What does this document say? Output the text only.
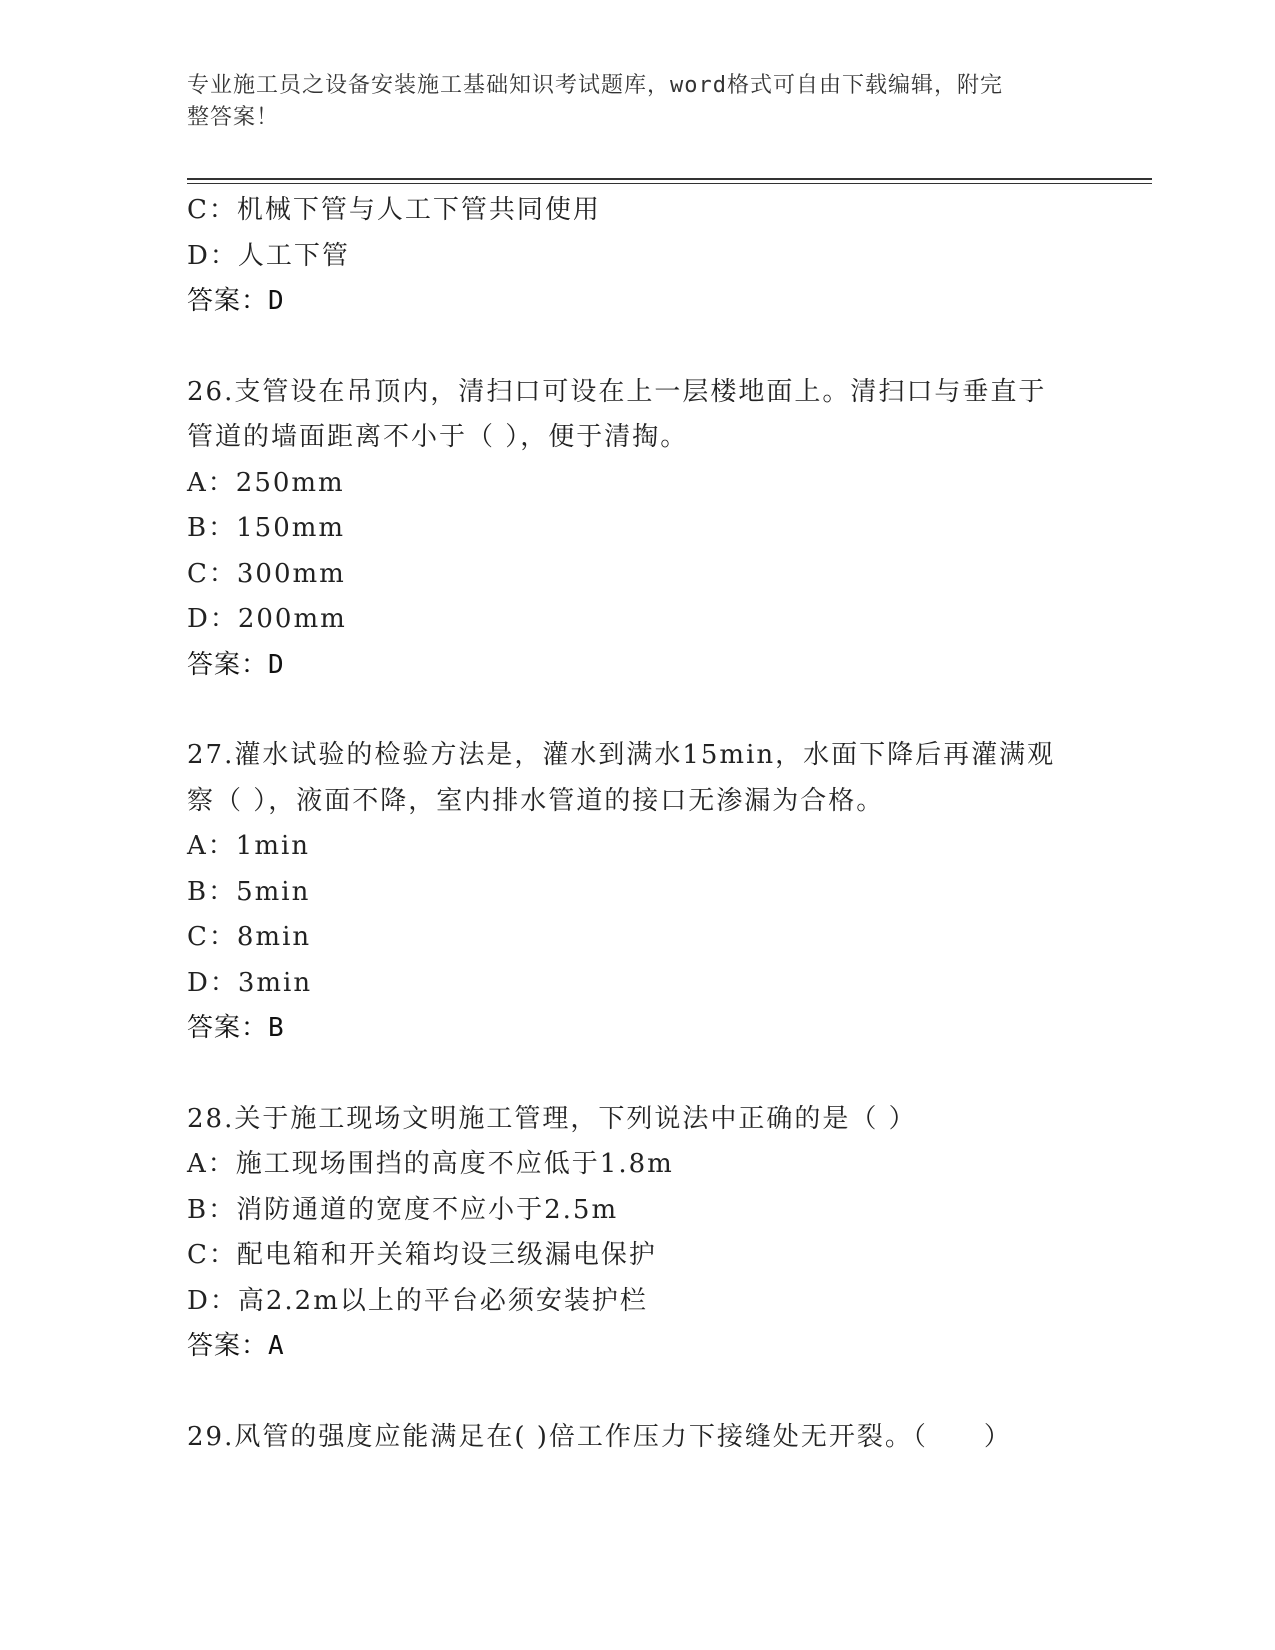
专业施工员之设备安装施工基础知识考试题库，word格式可自由下载编辑，附完
整答案！
C：机械下管与人工下管共同使用
D：人工下管
答案：D
26.支管设在吊顶内，清扫口可设在上一层楼地面上。清扫口与垂直于
管道的墙面距离不小于（ ），便于清掏。
A：250mm
B：150mm
C：300mm
D：200mm
答案：D
27.灌水试验的检验方法是，灌水到满水15min，水面下降后再灌满观
察（ ），液面不降，室内排水管道的接口无渗漏为合格。
A：1min
B：5min
C：8min
D：3min
答案：B
28.关于施工现场文明施工管理，下列说法中正确的是（ ）
A：施工现场围挡的高度不应低于1.8m
B：消防通道的宽度不应小于2.5m
C：配电箱和开关箱均设三级漏电保护
D：高2.2m以上的平台必须安装护栏
答案：A
29.风管的强度应能满足在( )倍工作压力下接缝处无开裂。（　　）
